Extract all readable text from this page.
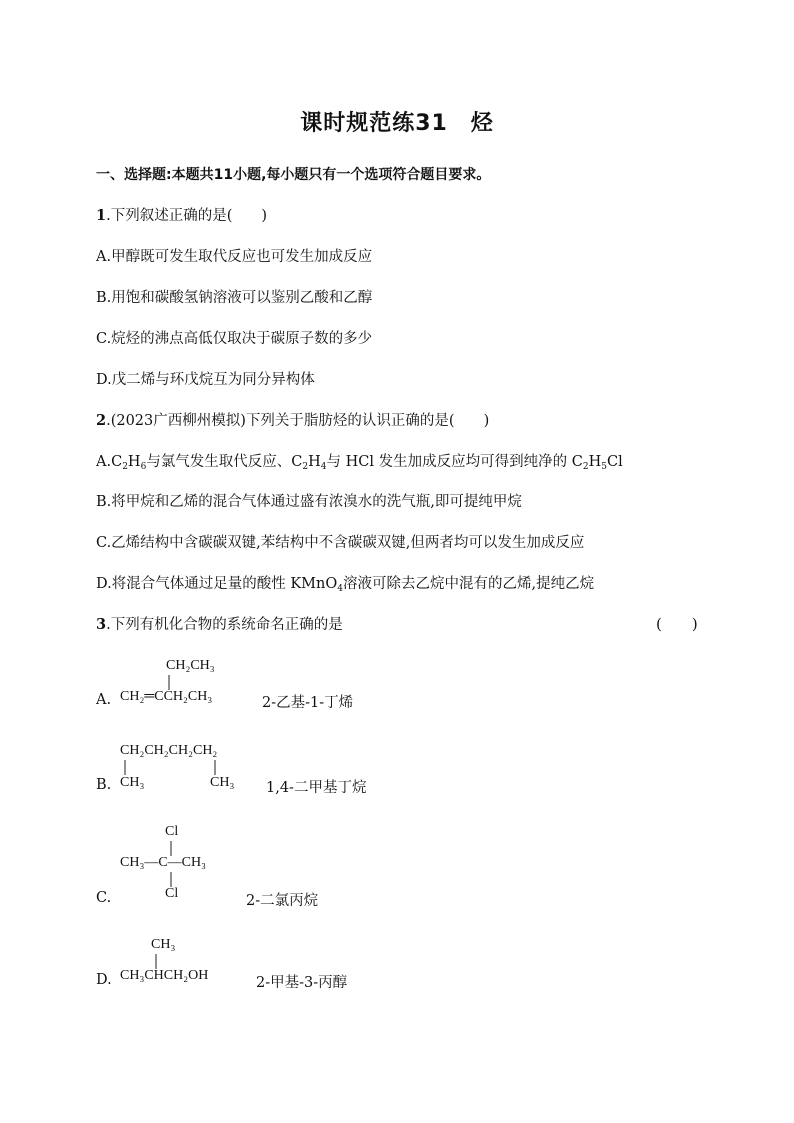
课时规范练31　烃
一、选择题:本题共11小题,每小题只有一个选项符合题目要求。
1.下列叙述正确的是(　　)
A.甲醇既可发生取代反应也可发生加成反应
B.用饱和碳酸氢钠溶液可以鉴别乙酸和乙醇
C.烷烃的沸点高低仅取决于碳原子数的多少
D.戊二烯与环戊烷互为同分异构体
2.(2023广西柳州模拟)下列关于脂肪烃的认识正确的是(　　)
$A.C_2H_6$与氯气发生取代反应、$C_2H_4$与 HCl 发生加成反应均可得到纯净的 $C_2H_5Cl$
B.将甲烷和乙烯的混合气体通过盛有浓溴水的洗气瓶,即可提纯甲烷
C.乙烯结构中含碳碳双键,苯结构中不含碳碳双键,但两者均可以发生加成反应
D.将混合气体通过足量的酸性 KMnO$_4$溶液可除去乙烷中混有的乙烯,提纯乙烷
3.下列有机化合物的系统命名正确的是	(　　)
A.
CH₂CH₃
CH₂═CCH₂CH₃	2-乙基-1-丁烯
CH₂CH₂CH₂CH₂
B. CH₃	CH₃ 1,4-二甲基丁烷
Cl
CH₃—C—CH₃
Cl
C.	2-二氯丙烷
CH₃
CH₃CHCH₂OH
D.	2-甲基-3-丙醇
